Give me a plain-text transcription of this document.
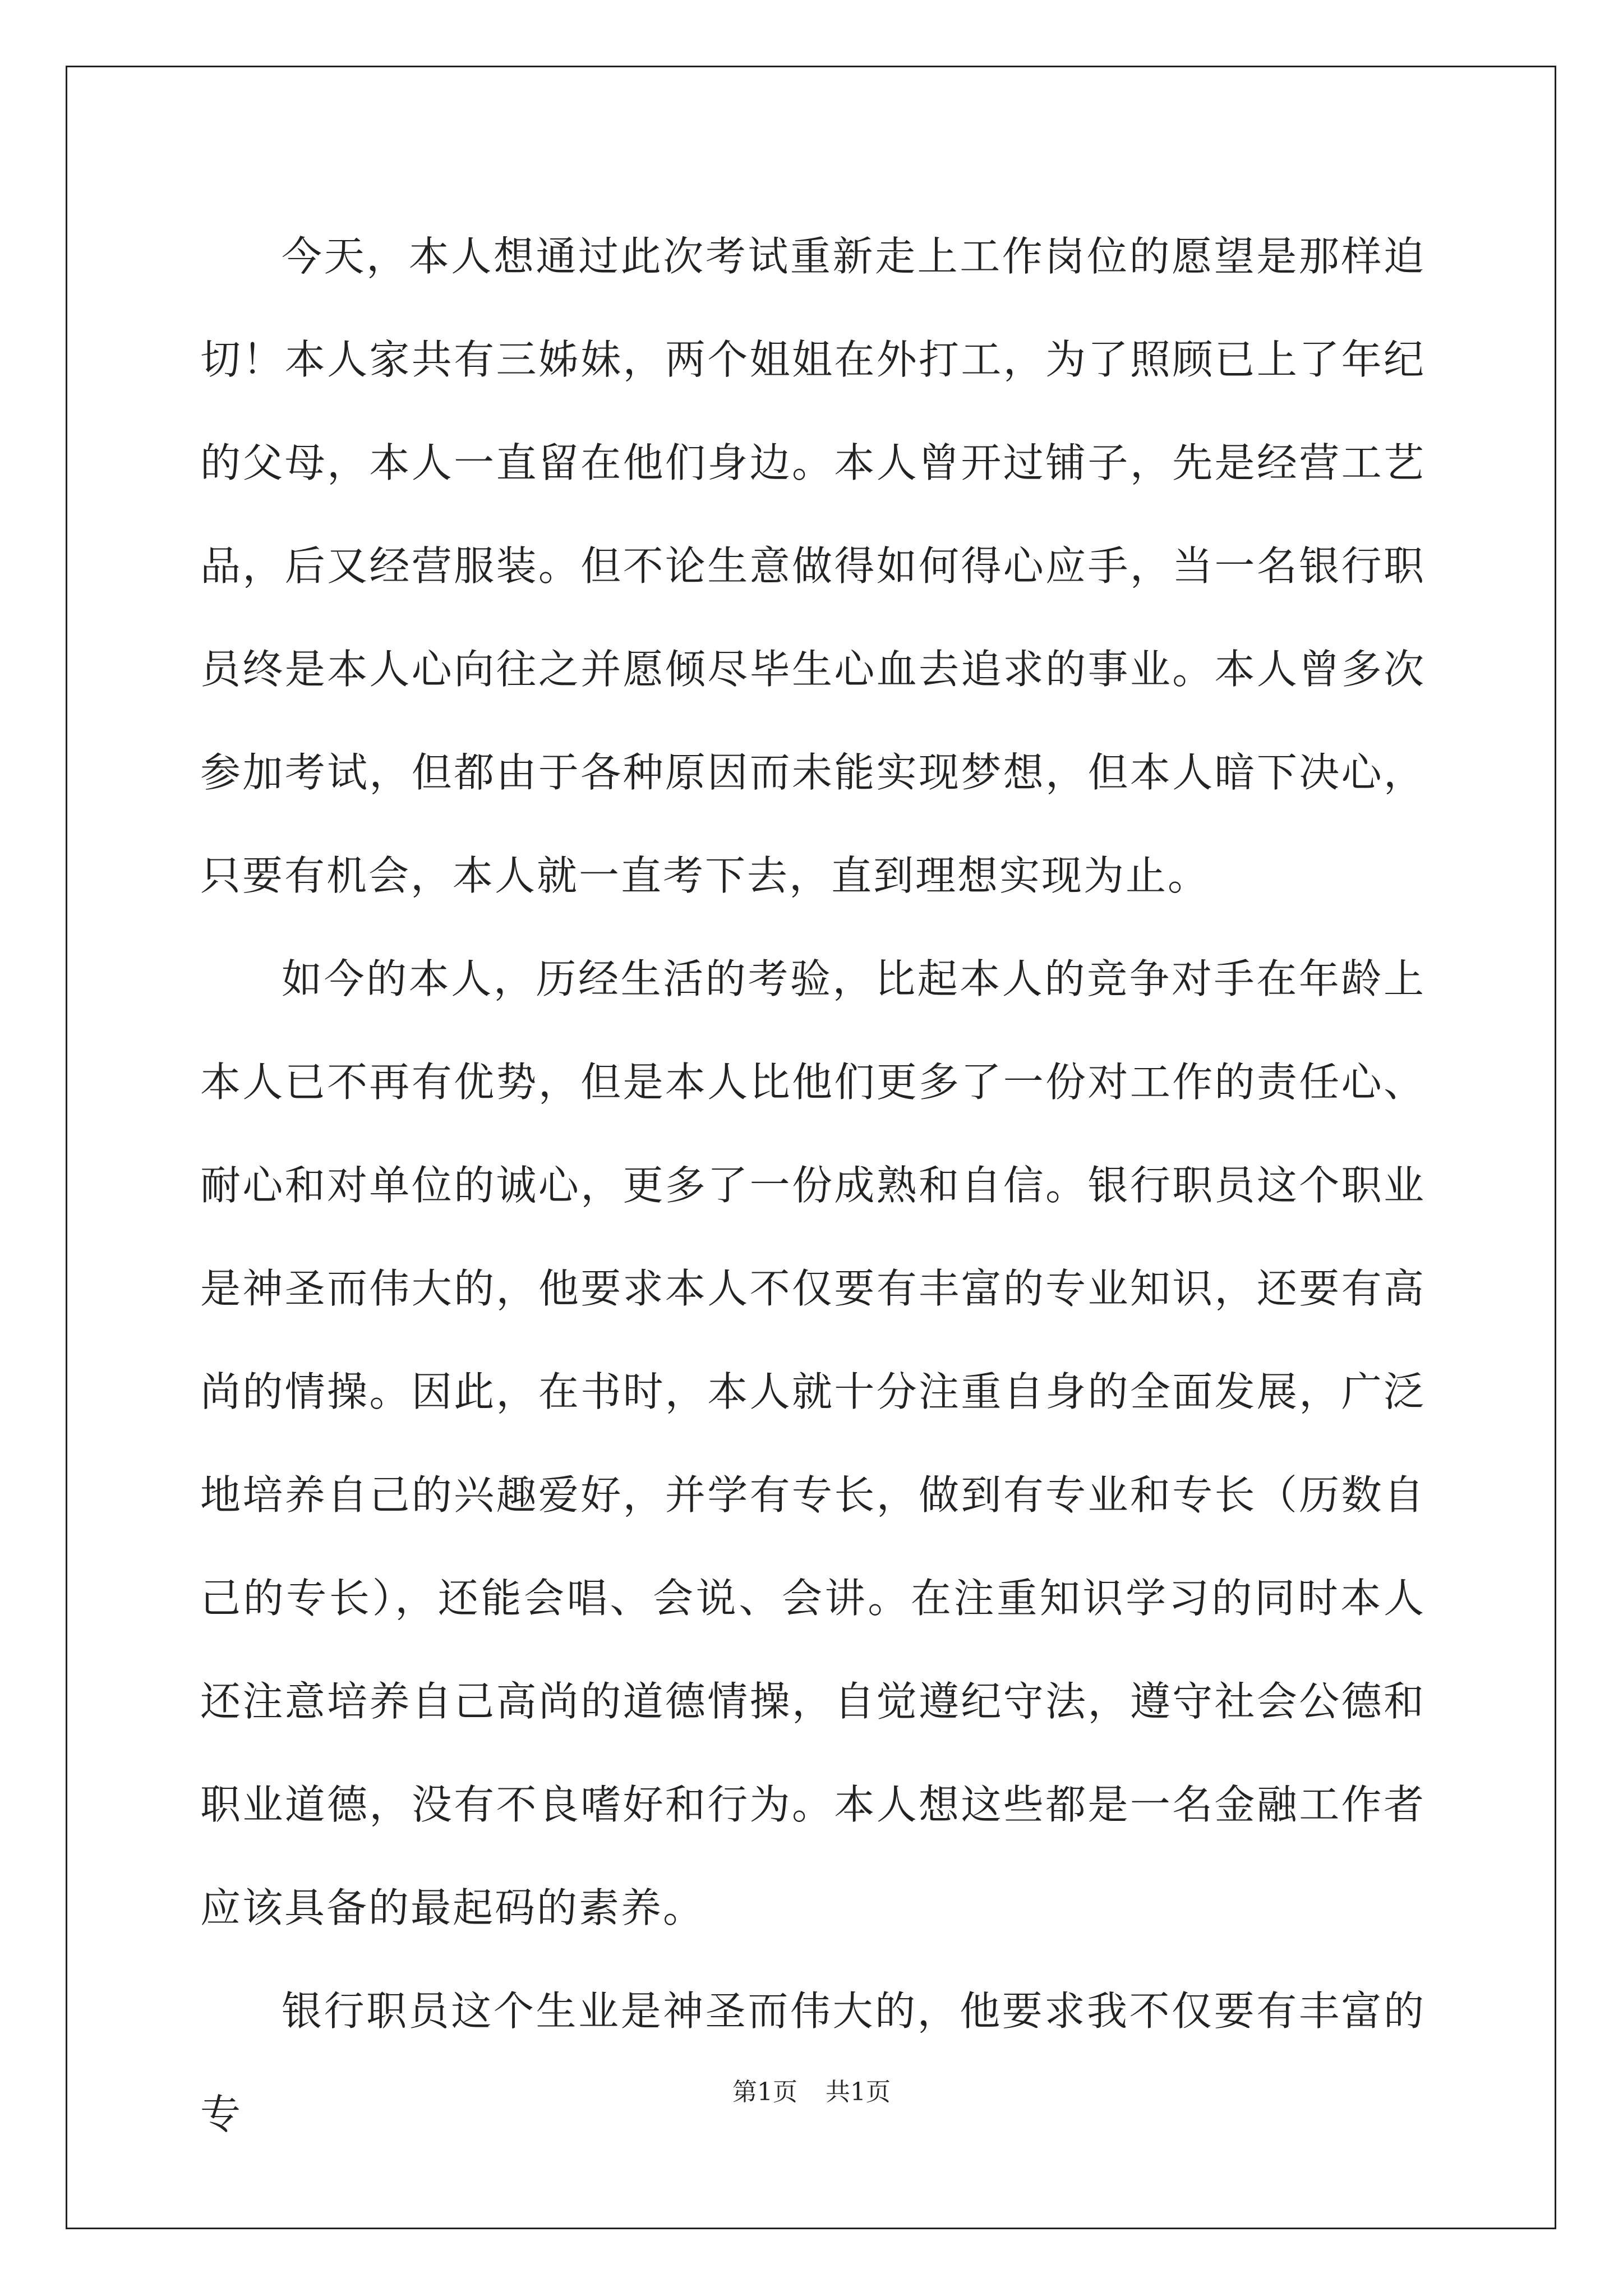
今天，本人想通过此次考试重新走上工作岗位的愿望是那样迫切！本人家共有三姊妹，两个姐姐在外打工，为了照顾已上了年纪的父母，本人一直留在他们身边。本人曾开过铺子，先是经营工艺品，后又经营服装。但不论生意做得如何得心应手，当一名银行职员终是本人心向往之并愿倾尽毕生心血去追求的事业。本人曾多次参加考试，但都由于各种原因而未能实现梦想，但本人暗下决心，只要有机会，本人就一直考下去，直到理想实现为止。

如今的本人，历经生活的考验，比起本人的竞争对手在年龄上本人已不再有优势，但是本人比他们更多了一份对工作的责任心、耐心和对单位的诚心，更多了一份成熟和自信。银行职员这个职业是神圣而伟大的，他要求本人不仅要有丰富的专业知识，还要有高尚的情操。因此，在书时，本人就十分注重自身的全面发展，广泛地培养自己的兴趣爱好，并学有专长，做到有专业和专长（历数自己的专长），还能会唱、会说、会讲。在注重知识学习的同时本人还注意培养自己高尚的道德情操，自觉遵纪守法，遵守社会公德和职业道德，没有不良嗜好和行为。本人想这些都是一名金融工作者应该具备的最起码的素养。

银行职员这个生业是神圣而伟大的，他要求我不仅要有丰富的专	第1页 共1页
